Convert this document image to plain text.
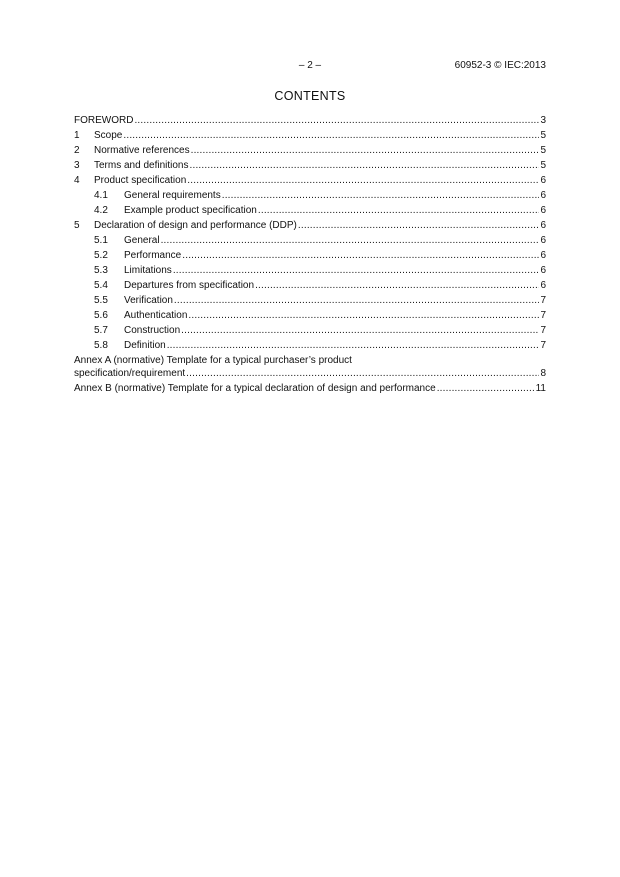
– 2 –	60952-3 © IEC:2013
CONTENTS
FOREWORD .....	3
1	Scope .....	5
2	Normative references .....	5
3	Terms and definitions .....	5
4	Product specification .....	6
4.1	General requirements .....	6
4.2	Example product specification .....	6
5	Declaration of design and performance (DDP) .....	6
5.1	General .....	6
5.2	Performance .....	6
5.3	Limitations .....	6
5.4	Departures from specification .....	6
5.5	Verification .....	7
5.6	Authentication .....	7
5.7	Construction .....	7
5.8	Definition .....	7
Annex A (normative) Template for a typical purchaser’s product
specification/requirement .....	8
Annex B (normative) Template for a typical declaration of design and performance .....	11
